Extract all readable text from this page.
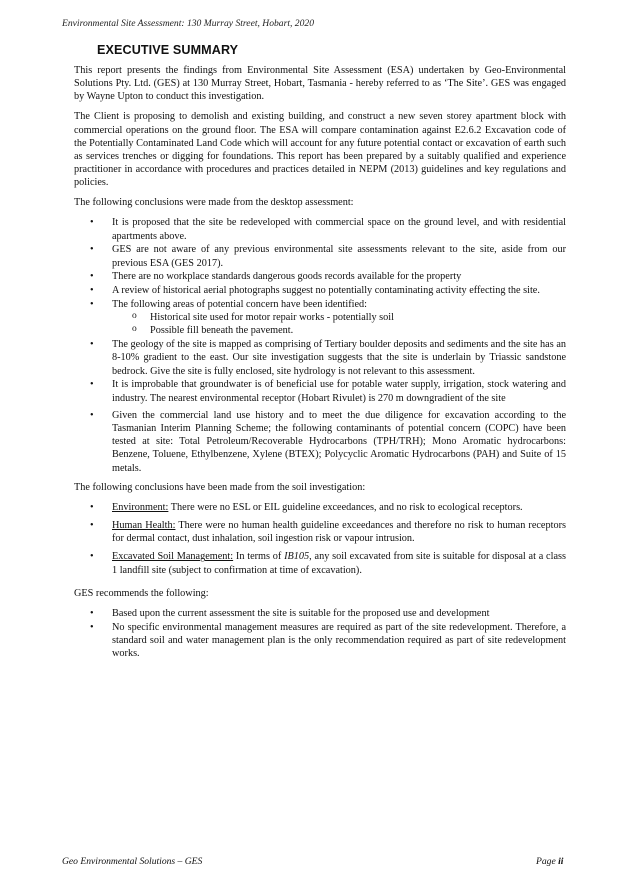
Environmental Site Assessment: 130 Murray Street, Hobart, 2020
EXECUTIVE SUMMARY

This report presents the findings from Environmental Site Assessment (ESA) undertaken by Geo-Environmental Solutions Pty. Ltd. (GES) at 130 Murray Street, Hobart, Tasmania - hereby referred to as ‘The Site’. GES was engaged by Wayne Upton to conduct this investigation.

The Client is proposing to demolish and existing building, and construct a new seven storey apartment block with commercial operations on the ground floor. The ESA will compare contamination against E2.6.2 Excavation code of the Potentially Contaminated Land Code which will account for any future potential contact or excavation of earth such as services trenches or digging for foundations. This report has been prepared by a suitably qualified and experience practitioner in accordance with procedures and practices detailed in NEPM (2013) guidelines and key regulations and policies.

The following conclusions were made from the desktop assessment:

• It is proposed that the site be redeveloped with commercial space on the ground level, and with residential apartments above.
• GES are not aware of any previous environmental site assessments relevant to the site, aside from our previous ESA (GES 2017).
• There are no workplace standards dangerous goods records available for the property
• A review of historical aerial photographs suggest no potentially contaminating activity effecting the site.
• The following areas of potential concern have been identified:
o Historical site used for motor repair works - potentially soil
o Possible fill beneath the pavement.
• The geology of the site is mapped as comprising of Tertiary boulder deposits and sediments and the site has an 8-10% gradient to the east. Our site investigation suggests that the site is underlain by Triassic sandstone bedrock. Give the site is fully enclosed, site hydrology is not relevant to this assessment.
• It is improbable that groundwater is of beneficial use for potable water supply, irrigation, stock watering and industry. The nearest environmental receptor (Hobart Rivulet) is 270 m downgradient of the site
• Given the commercial land use history and to meet the due diligence for excavation according to the Tasmanian Interim Planning Scheme; the following contaminants of potential concern (COPC) have been tested at site: Total Petroleum/Recoverable Hydrocarbons (TPH/TRH); Mono Aromatic hydrocarbons: Benzene, Toluene, Ethylbenzene, Xylene (BTEX); Polycyclic Aromatic Hydrocarbons (PAH) and Suite of 15 metals.

The following conclusions have been made from the soil investigation:

• Environment: There were no ESL or EIL guideline exceedances, and no risk to ecological receptors.
• Human Health: There were no human health guideline exceedances and therefore no risk to human receptors for dermal contact, dust inhalation, soil ingestion risk or vapour intrusion.
• Excavated Soil Management: In terms of IB105, any soil excavated from site is suitable for disposal at a class 1 landfill site (subject to confirmation at time of excavation).

GES recommends the following:

• Based upon the current assessment the site is suitable for the proposed use and development
• No specific environmental management measures are required as part of the site redevelopment. Therefore, a standard soil and water management plan is the only recommendation required as part of site redevelopment works.
Geo Environmental Solutions – GES	Page ii
